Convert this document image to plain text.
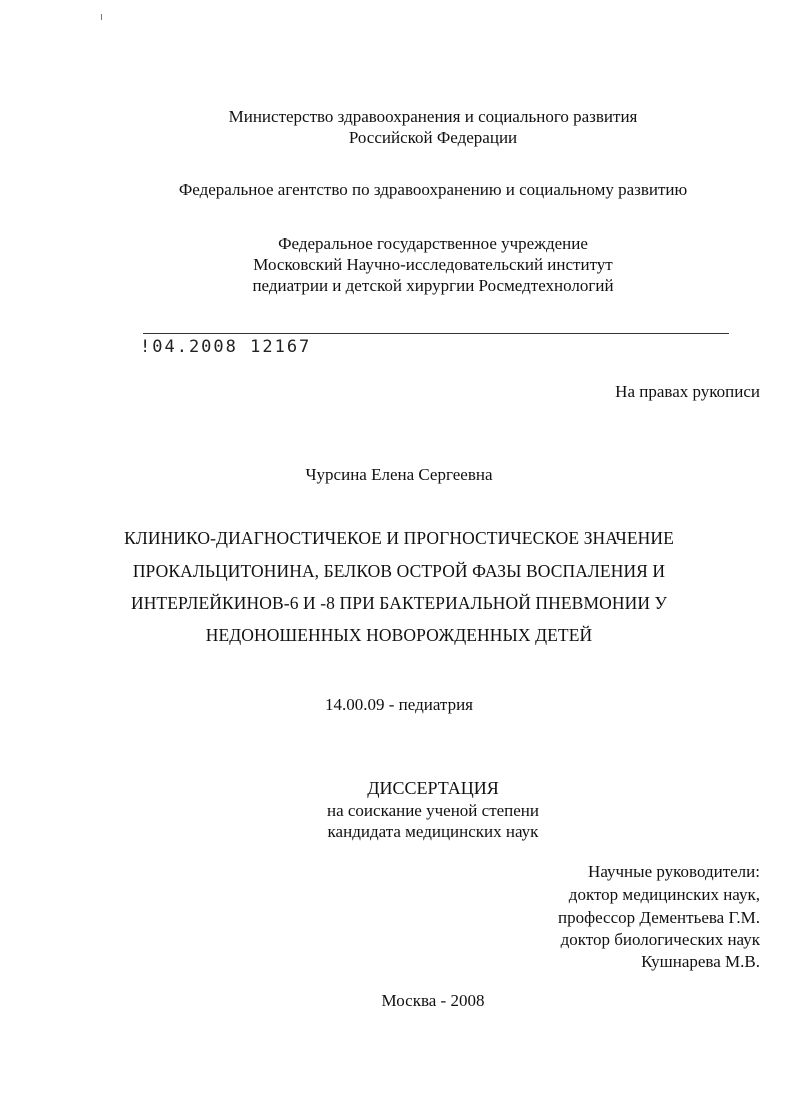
Министерство здравоохранения и социального развития
Российской Федерации
Федеральное агентство по здравоохранению и социальному развитию
Федеральное государственное учреждение
Московский Научно-исследовательский институт
педиатрии и детской хирургии Росмедтехнологий
!04.2008 12167
На правах рукописи
Чурсина Елена Сергеевна
КЛИНИКО-ДИАГНОСТИЧЕКОЕ И ПРОГНОСТИЧЕСКОЕ ЗНАЧЕНИЕ
ПРОКАЛЬЦИТОНИНА, БЕЛКОВ ОСТРОЙ ФАЗЫ ВОСПАЛЕНИЯ И
ИНТЕРЛЕЙКИНОВ-6 И -8 ПРИ БАКТЕРИАЛЬНОЙ ПНЕВМОНИИ У
НЕДОНОШЕННЫХ НОВОРОЖДЕННЫХ ДЕТЕЙ
14.00.09 - педиатрия
ДИССЕРТАЦИЯ
на соискание ученой степени
кандидата медицинских наук
Научные руководители:
доктор медицинских наук,
профессор Дементьева Г.М.
доктор биологических наук
Кушнарева М.В.
Москва - 2008
